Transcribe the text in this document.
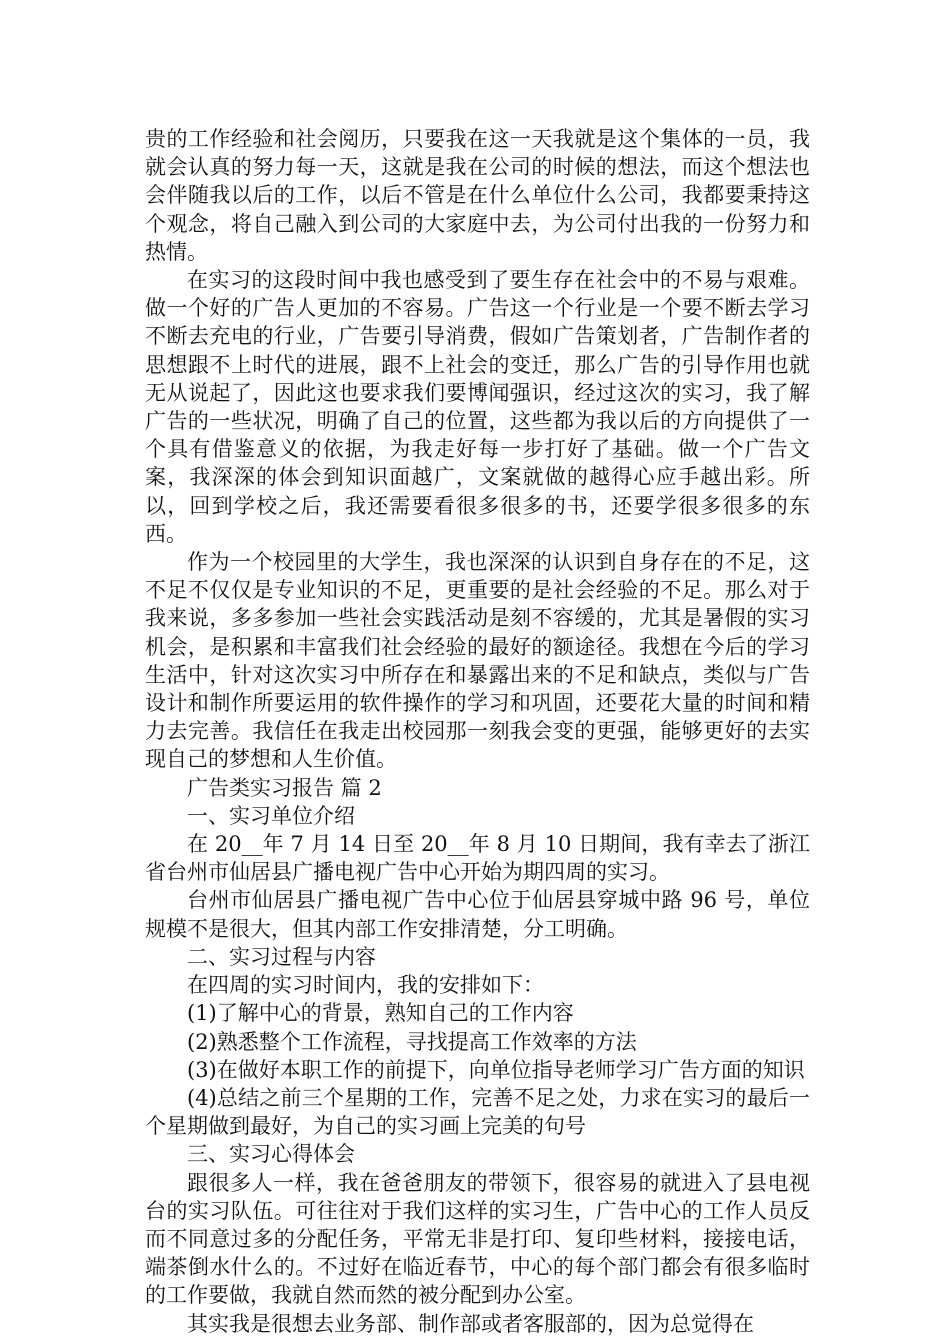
贵的工作经验和社会阅历，只要我在这一天我就是这个集体的一员，我就会认真的努力每一天，这就是我在公司的时候的想法，而这个想法也会伴随我以后的工作，以后不管是在什么单位什么公司，我都要秉持这个观念，将自己融入到公司的大家庭中去，为公司付出我的一份努力和热情。

在实习的这段时间中我也感受到了要生存在社会中的不易与艰难。做一个好的广告人更加的不容易。广告这一个行业是一个要不断去学习不断去充电的行业，广告要引导消费，假如广告策划者，广告制作者的思想跟不上时代的进展，跟不上社会的变迁，那么广告的引导作用也就无从说起了，因此这也要求我们要博闻强识，经过这次的实习，我了解广告的一些状况，明确了自己的位置，这些都为我以后的方向提供了一个具有借鉴意义的依据，为我走好每一步打好了基础。做一个广告文案，我深深的体会到知识面越广，文案就做的越得心应手越出彩。所以，回到学校之后，我还需要看很多很多的书，还要学很多很多的东西。

作为一个校园里的大学生，我也深深的认识到自身存在的不足，这不足不仅仅是专业知识的不足，更重要的是社会经验的不足。那么对于我来说，多多参加一些社会实践活动是刻不容缓的，尤其是暑假的实习机会，是积累和丰富我们社会经验的最好的额途径。我想在今后的学习生活中，针对这次实习中所存在和暴露出来的不足和缺点，类似与广告设计和制作所要运用的软件操作的学习和巩固，还要花大量的时间和精力去完善。我信任在我走出校园那一刻我会变的更强，能够更好的去实现自己的梦想和人生价值。

广告类实习报告 篇 2

一、实习单位介绍

在 20__年 7 月 14 日至 20__年 8 月 10 日期间，我有幸去了浙江省台州市仙居县广播电视广告中心开始为期四周的实习。

台州市仙居县广播电视广告中心位于仙居县穿城中路 96 号，单位规模不是很大，但其内部工作安排清楚，分工明确。

二、实习过程与内容

在四周的实习时间内，我的安排如下：

(1)了解中心的背景，熟知自己的工作内容

(2)熟悉整个工作流程，寻找提高工作效率的方法

(3)在做好本职工作的前提下，向单位指导老师学习广告方面的知识

(4)总结之前三个星期的工作，完善不足之处，力求在实习的最后一个星期做到最好，为自己的实习画上完美的句号

三、实习心得体会

跟很多人一样，我在爸爸朋友的带领下，很容易的就进入了县电视台的实习队伍。可往往对于我们这样的实习生，广告中心的工作人员反而不同意过多的分配任务，平常无非是打印、复印些材料，接接电话，端茶倒水什么的。不过好在临近春节，中心的每个部门都会有很多临时的工作要做，我就自然而然的被分配到办公室。

其实我是很想去业务部、制作部或者客服部的，因为总觉得在
